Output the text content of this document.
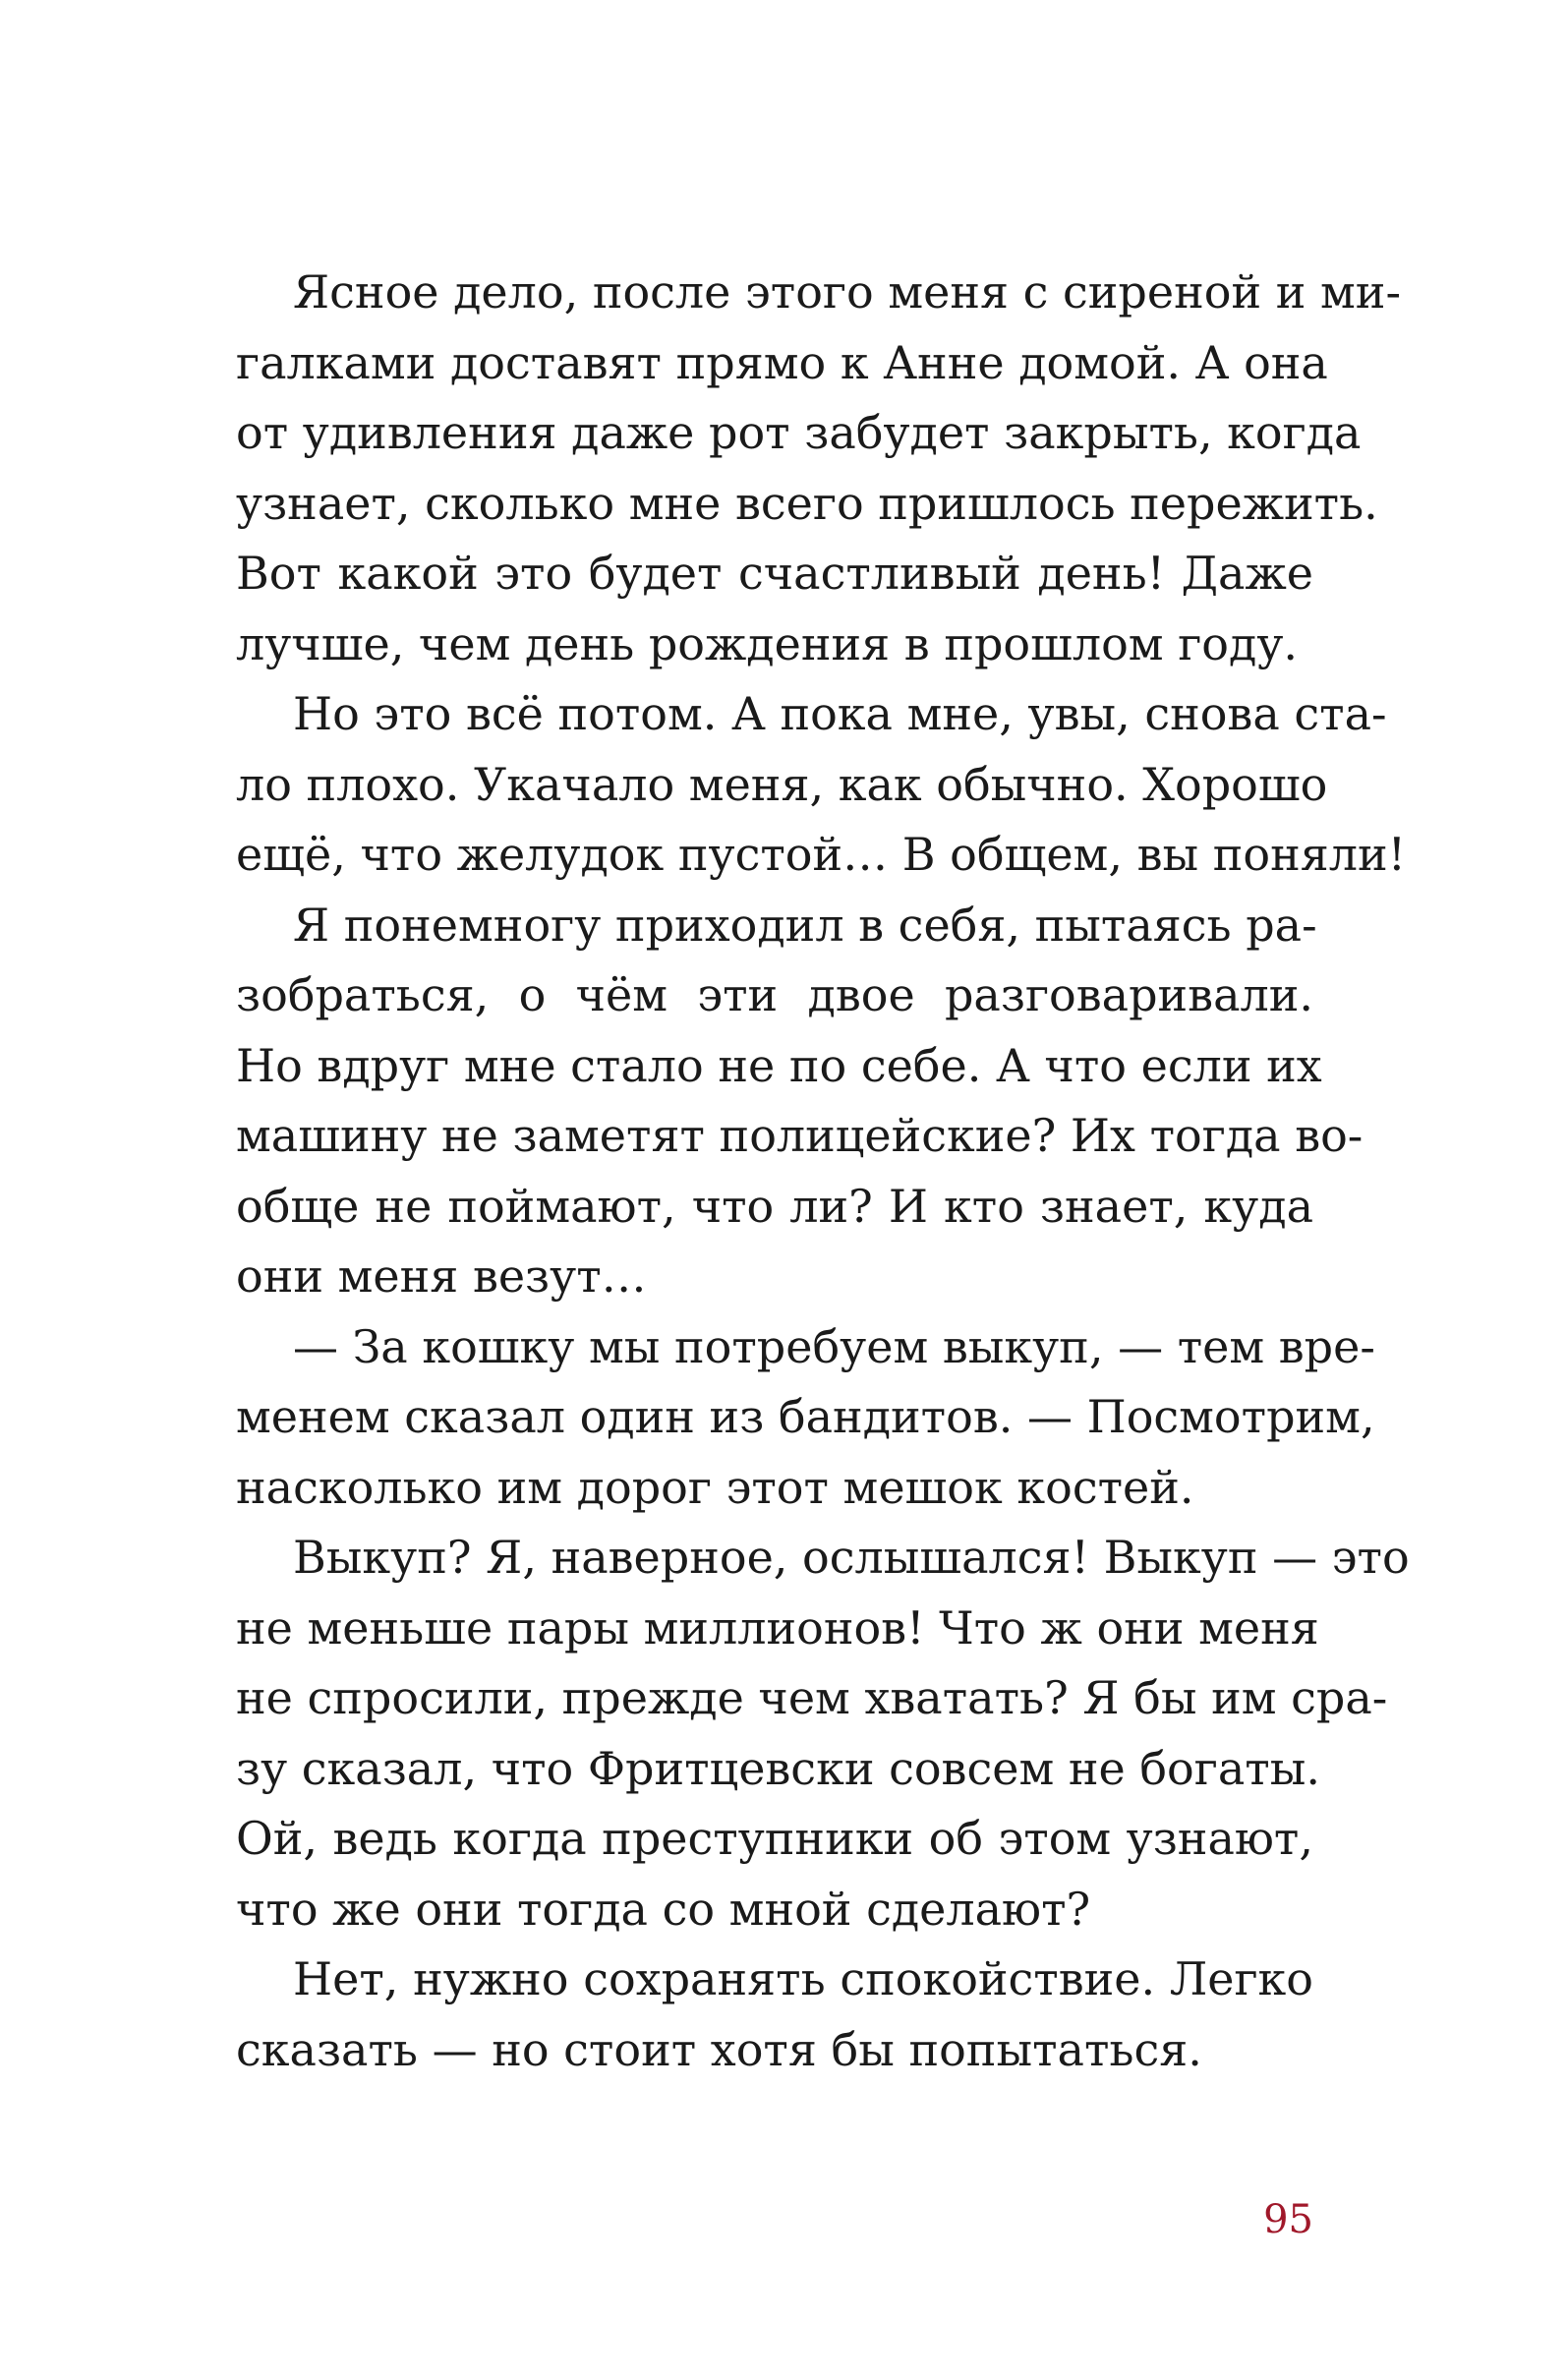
Ясное дело, после этого меня с сиреной и ми-
галками доставят прямо к Анне домой. А она
от удивления даже рот забудет закрыть, когда
узнает, сколько мне всего пришлось пережить.
Вот какой это будет счастливый день! Даже
лучше, чем день рождения в прошлом году.
Но это всё потом. А пока мне, увы, снова ста-
ло плохо. Укачало меня, как обычно. Хорошо
ещё, что желудок пустой… В общем, вы поняли!
Я понемногу приходил в себя, пытаясь ра-
зобраться, о чём эти двое разговаривали.
Но вдруг мне стало не по себе. А что если их
машину не заметят полицейские? Их тогда во-
обще не поймают, что ли? И кто знает, куда
они меня везут…
— За кошку мы потребуем выкуп, — тем вре-
менем сказал один из бандитов. — Посмотрим,
насколько им дорог этот мешок костей.
Выкуп? Я, наверное, ослышался! Выкуп — это
не меньше пары миллионов! Что ж они меня
не спросили, прежде чем хватать? Я бы им сра-
зу сказал, что Фритцевски совсем не богаты.
Ой, ведь когда преступники об этом узнают,
что же они тогда со мной сделают?
Нет, нужно сохранять спокойствие. Легко
сказать — но стоит хотя бы попытаться.
95
